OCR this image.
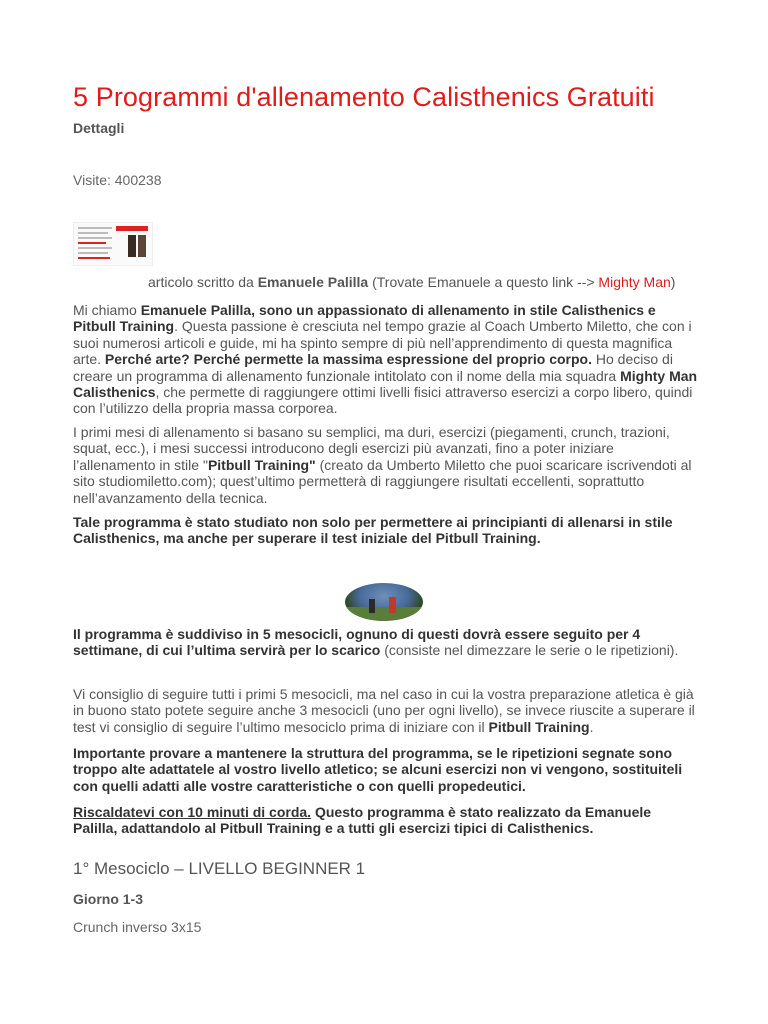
5 Programmi d'allenamento Calisthenics Gratuiti
Dettagli
Visite: 400238
articolo scritto da Emanuele Palilla (Trovate Emanuele a questo link --> Mighty Man)

Mi chiamo Emanuele Palilla, sono un appassionato di allenamento in stile Calisthenics e Pitbull Training. Questa passione è cresciuta nel tempo grazie al Coach Umberto Miletto, che con i suoi numerosi articoli e guide, mi ha spinto sempre di più nell’apprendimento di questa magnifica arte. Perché arte? Perché permette la massima espressione del proprio corpo. Ho deciso di creare un programma di allenamento funzionale intitolato con il nome della mia squadra Mighty Man Calisthenics, che permette di raggiungere ottimi livelli fisici attraverso esercizi a corpo libero, quindi con l’utilizzo della propria massa corporea.

I primi mesi di allenamento si basano su semplici, ma duri, esercizi (piegamenti, crunch, trazioni, squat, ecc.), i mesi successi introducono degli esercizi più avanzati, fino a poter iniziare l’allenamento in stile "Pitbull Training" (creato da Umberto Miletto che puoi scaricare iscrivendoti al sito studiomiletto.com); quest’ultimo permetterà di raggiungere risultati eccellenti, soprattutto nell’avanzamento della tecnica.

Tale programma è stato studiato non solo per permettere ai principianti di allenarsi in stile Calisthenics, ma anche per superare il test iniziale del Pitbull Training.

Il programma è suddiviso in 5 mesocicli, ognuno di questi dovrà essere seguito per 4 settimane, di cui l’ultima servirà per lo scarico (consiste nel dimezzare le serie o le ripetizioni).

Vi consiglio di seguire tutti i primi 5 mesocicli, ma nel caso in cui la vostra preparazione atletica è già in buono stato potete seguire anche 3 mesocicli (uno per ogni livello), se invece riuscite a superare il test vi consiglio di seguire l’ultimo mesociclo prima di iniziare con il Pitbull Training.

Importante provare a mantenere la struttura del programma, se le ripetizioni segnate sono troppo alte adattatele al vostro livello atletico; se alcuni esercizi non vi vengono, sostituiteli con quelli adatti alle vostre caratteristiche o con quelli propedeutici.

Riscaldatevi con 10 minuti di corda. Questo programma è stato realizzato da Emanuele Palilla, adattandolo al Pitbull Training e a tutti gli esercizi tipici di Calisthenics.

1° Mesociclo – LIVELLO BEGINNER 1
Giorno 1-3
Crunch inverso 3x15
